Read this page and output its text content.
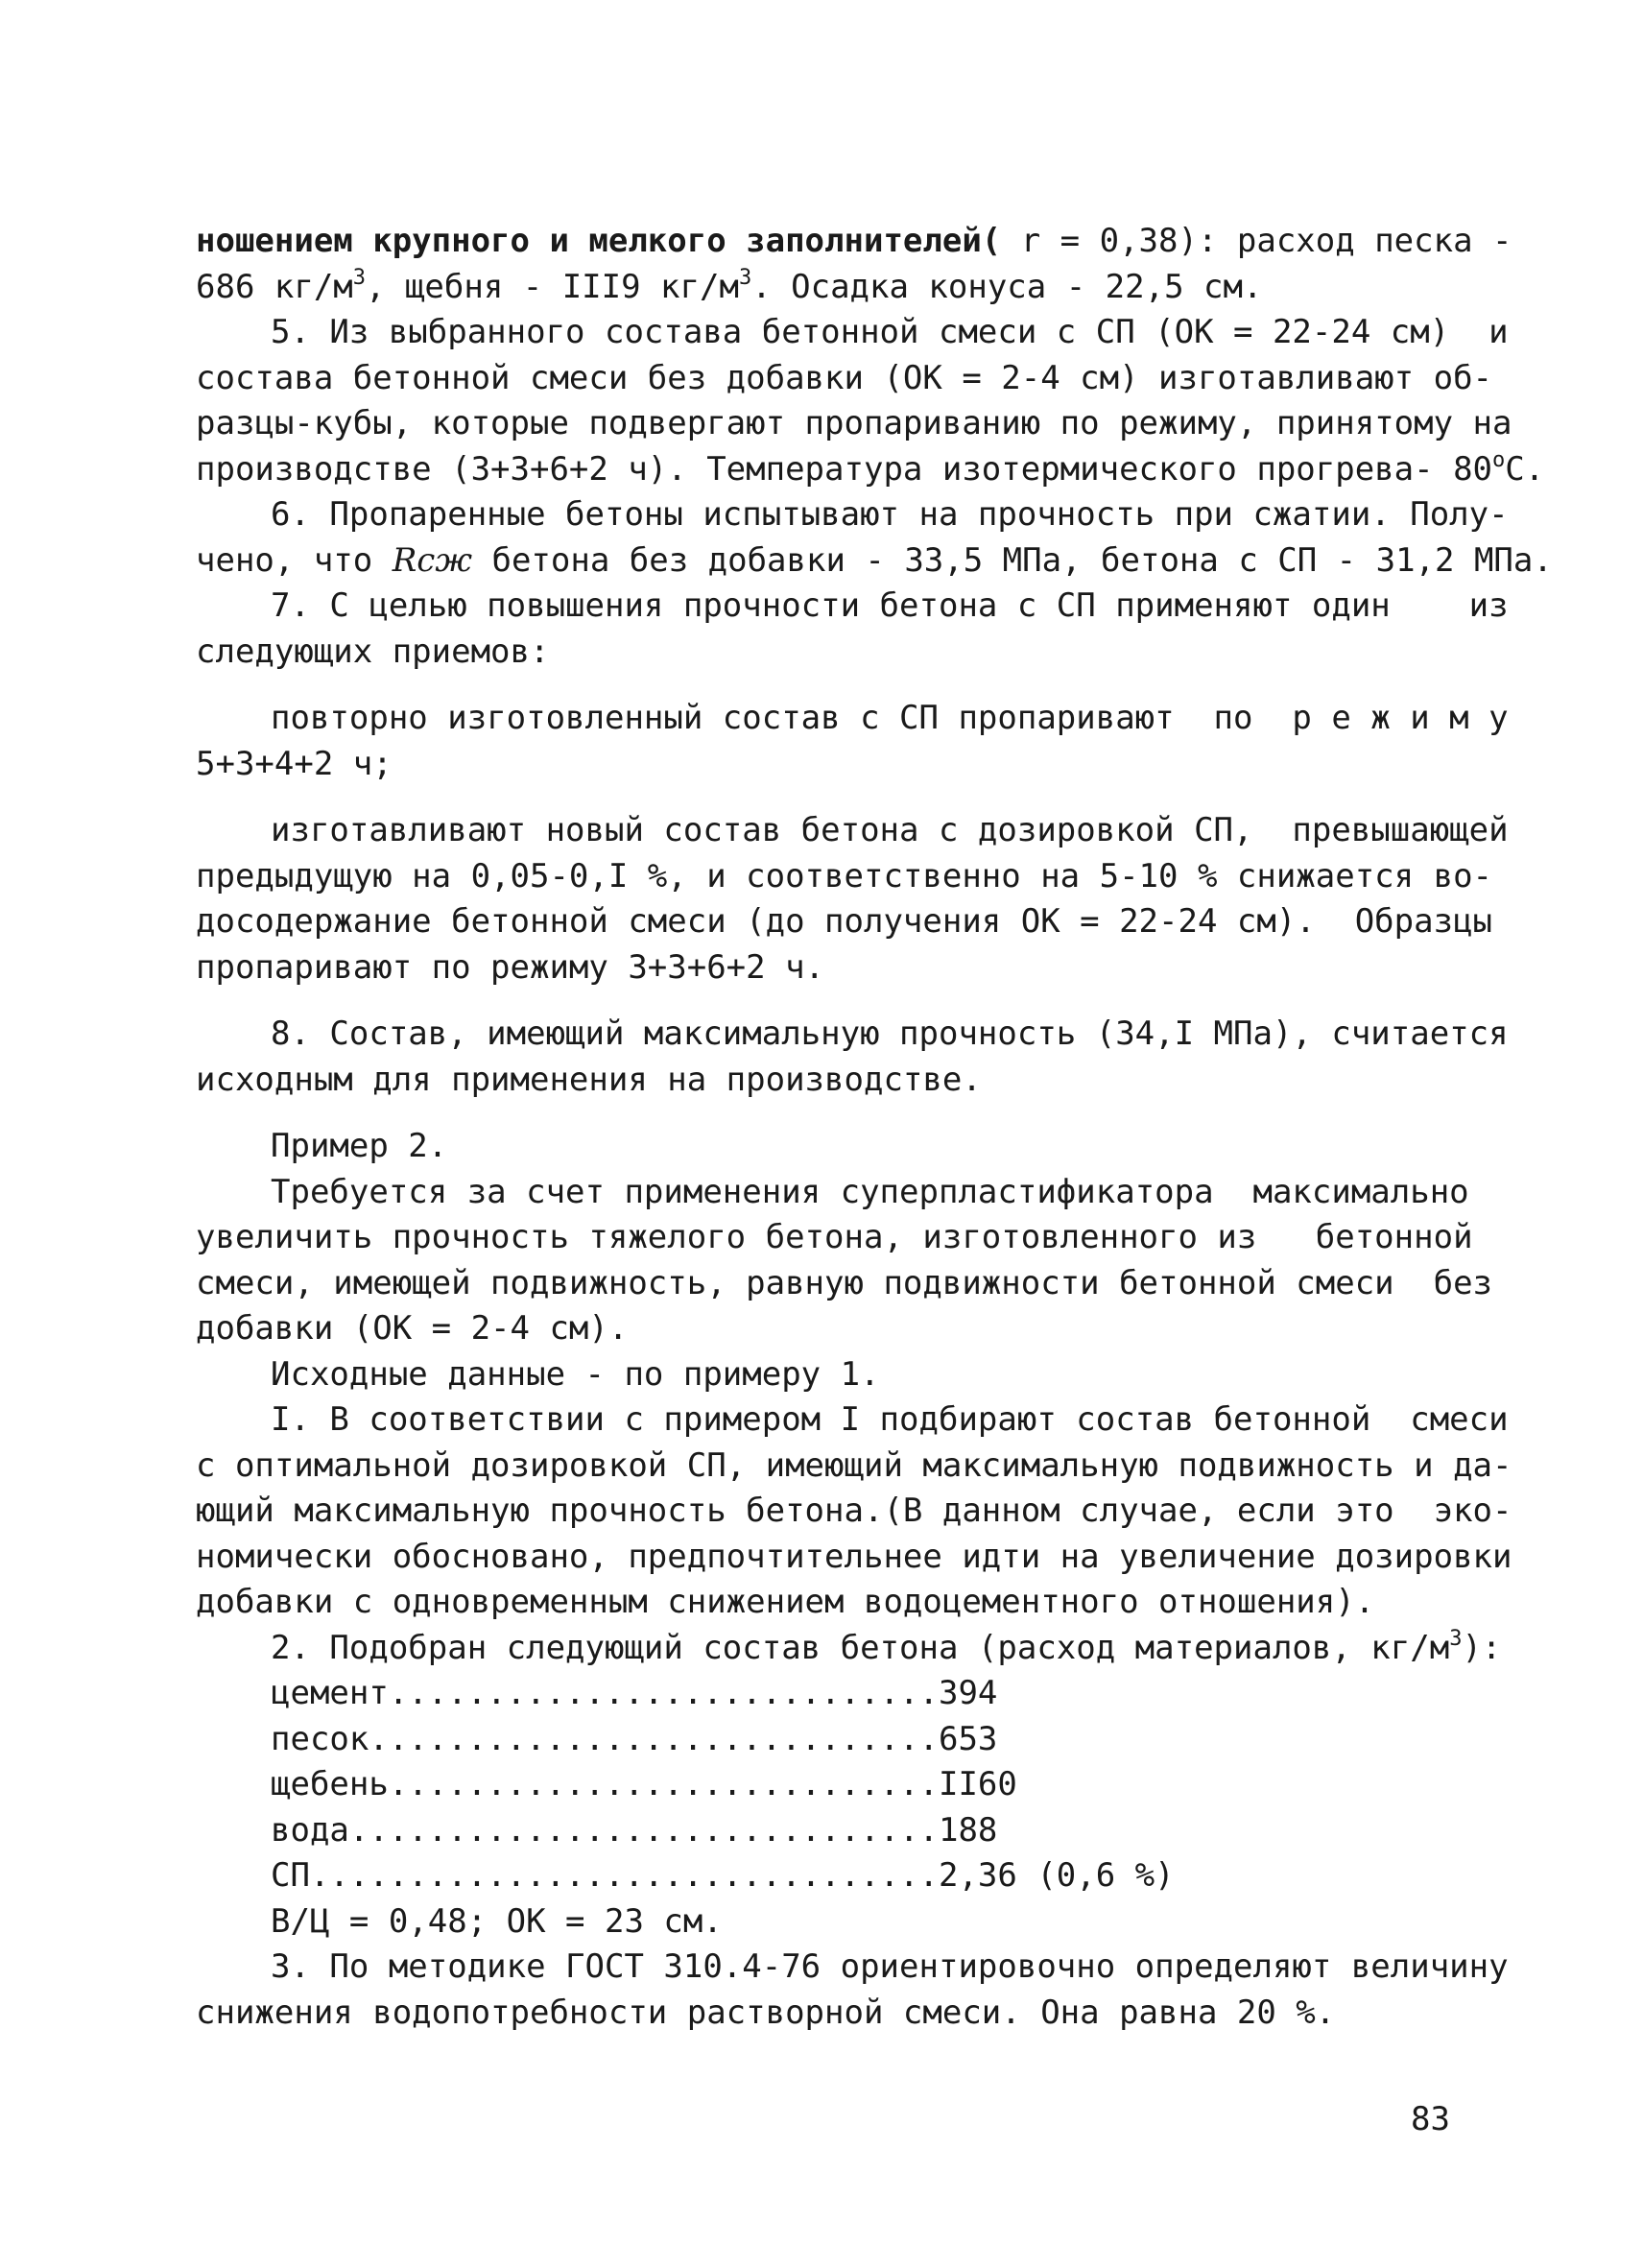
ношением крупного и мелкого заполнителей( r = 0,38): расход песка -
686 $кг/м^3$, щебня - III9 $кг/м^3$. Осадка конуса - 22,5 см.
5. Из выбранного состава бетонной смеси с СП (ОК = 22-24 см)  и
состава бетонной смеси без добавки (ОК = 2-4 см) изготавливают об-
разцы-кубы, которые подвергают пропариванию по режиму, принятому на
производстве (3+3+6+2 ч). Температура изотермического прогрева- $80^оС$.
6. Пропаренные бетоны испытывают на прочность при сжатии. Полу-
чено, что Rсж бетона без добавки - 33,5 МПа, бетона с СП - 31,2 МПа.
7. С целью повышения прочности бетона с СП применяют один    из
следующих приемов:
повторно изготовленный состав с СП пропаривают  по  р е ж и м у
5+3+4+2 ч;
изготавливают новый состав бетона с дозировкой СП,  превышающей
предыдущую на 0,05-0,I %, и соответственно на 5-10 % снижается во-
досодержание бетонной смеси (до получения ОК = 22-24 см).  Образцы
пропаривают по режиму 3+3+6+2 ч.
8. Состав, имеющий максимальную прочность (34,I МПа), считается
исходным для применения на производстве.
Пример 2.
Требуется за счет применения суперпластификатора  максимально
увеличить прочность тяжелого бетона, изготовленного из   бетонной
смеси, имеющей подвижность, равную подвижности бетонной смеси  без
добавки (ОК = 2-4 см).
Исходные данные - по примеру 1.
I. В соответствии с примером I подбирают состав бетонной  смеси
с оптимальной дозировкой СП, имеющий максимальную подвижность и да-
ющий максимальную прочность бетона.(В данном случае, если это  эко-
номически обосновано, предпочтительнее идти на увеличение дозировки
добавки с одновременным снижением водоцементного отношения).
2. Подобран следующий состав бетона (расход материалов, $кг/м^3$):
цемент ............................ 394
песок ............................. 653
щебень ............................ II60
вода .............................. 188
СП ................................ 2,36 (0,6 %)
В/Ц = 0,48; ОК = 23 см.
3. По методике ГОСТ 310.4-76 ориентировочно определяют величину
снижения водопотребности растворной смеси. Она равна 20 %.
83
